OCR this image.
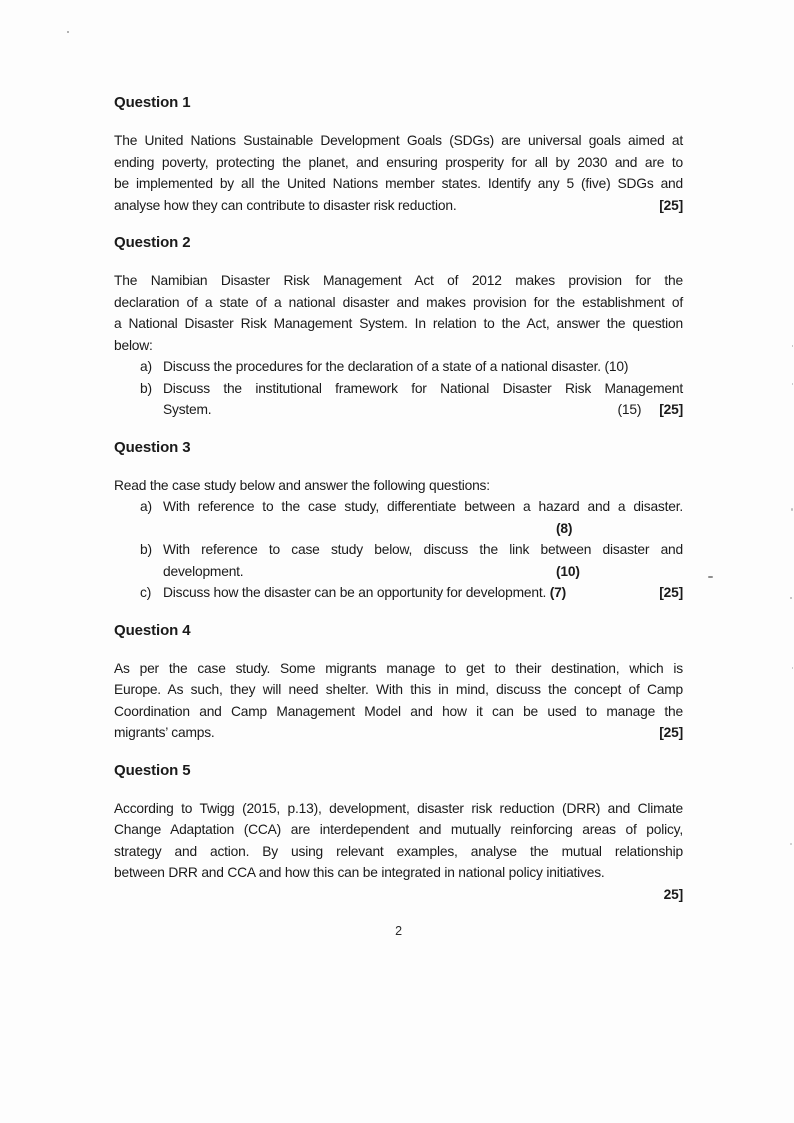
Question 1
The United Nations Sustainable Development Goals (SDGs) are universal goals aimed at
ending poverty, protecting the planet, and ensuring prosperity for all by 2030 and are to
be implemented by all the United Nations member states. Identify any 5 (five) SDGs and
analyse how they can contribute to disaster risk reduction.	[25]
Question 2
The Namibian Disaster Risk Management Act of 2012 makes provision for the
declaration of a state of a national disaster and makes provision for the establishment of
a National Disaster Risk Management System. In relation to the Act, answer the question
below:
a) Discuss the procedures for the declaration of a state of a national disaster. (10)
b) Discuss the institutional framework for National Disaster Risk Management
System.	(15) [25]
Question 3
Read the case study below and answer the following questions:
a) With reference to the case study, differentiate between a hazard and a disaster.
(8)
b) With reference to case study below, discuss the link between disaster and
development.	(10)
c) Discuss how the disaster can be an opportunity for development. (7)	[25]
Question 4
As per the case study. Some migrants manage to get to their destination, which is
Europe. As such, they will need shelter. With this in mind, discuss the concept of Camp
Coordination and Camp Management Model and how it can be used to manage the
migrants’ camps.	[25]
Question 5
According to Twigg (2015, p.13), development, disaster risk reduction (DRR) and Climate
Change Adaptation (CCA) are interdependent and mutually reinforcing areas of policy,
strategy and action. By using relevant examples, analyse the mutual relationship
between DRR and CCA and how this can be integrated in national policy initiatives.
25]
2
